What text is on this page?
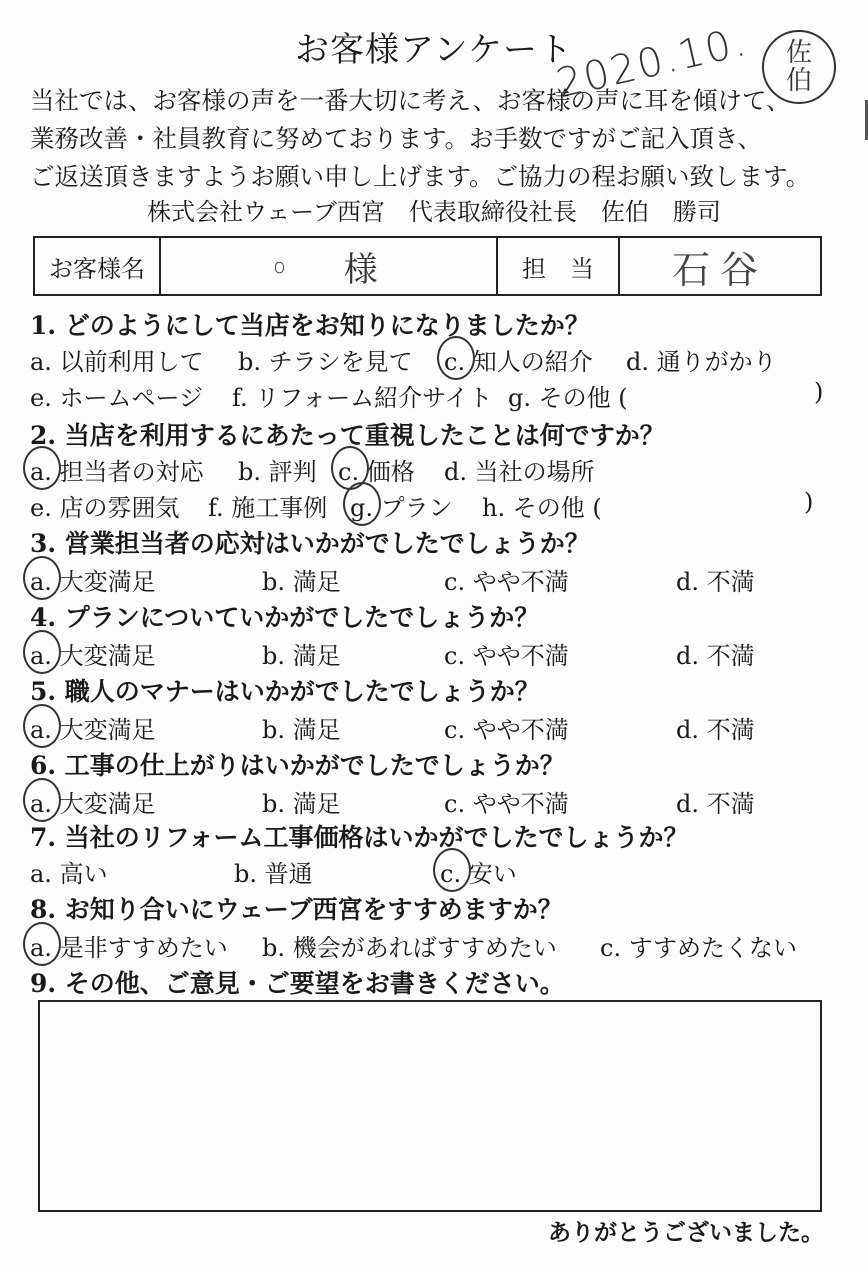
お客様アンケート
2020.10. 佐
伯
当社では、お客様の声を一番大切に考え、お客様の声に耳を傾けて、
業務改善・社員教育に努めております。お手数ですがご記入頂き、
ご返送頂きますようお願い申し上げます。ご協力の程お願い致します。
株式会社ウェーブ西宮　代表取締役社長　佐伯　勝司
お客様名	o 様	担　当 石谷
1. どのようにして当店をお知りになりましたか？
a. 以前利用して b. チラシを見て c. 知人の紹介 d. 通りがかり
e. ホームページ f. リフォーム紹介サイト g. その他 (	)
2. 当店を利用するにあたって重視したことは何ですか？
a. 担当者の対応 b. 評判 c. 価格 d. 当社の場所
e. 店の雰囲気 f. 施工事例 g. プラン h. その他 (	)
3. 営業担当者の応対はいかがでしたでしょうか？
a. 大変満足	b. 満足	c. やや不満	d. 不満
4. プランについていかがでしたでしょうか？
a. 大変満足	b. 満足	c. やや不満	d. 不満
5. 職人のマナーはいかがでしたでしょうか？
a. 大変満足	b. 満足	c. やや不満	d. 不満
6. 工事の仕上がりはいかがでしたでしょうか？
a. 大変満足	b. 満足	c. やや不満	d. 不満
7. 当社のリフォーム工事価格はいかがでしたでしょうか？
a. 高い	b. 普通	c. 安い
8. お知り合いにウェーブ西宮をすすめますか？
a. 是非すすめたい b. 機会があればすすめたい c. すすめたくない
9. その他、ご意見・ご要望をお書きください。
ありがとうございました。
